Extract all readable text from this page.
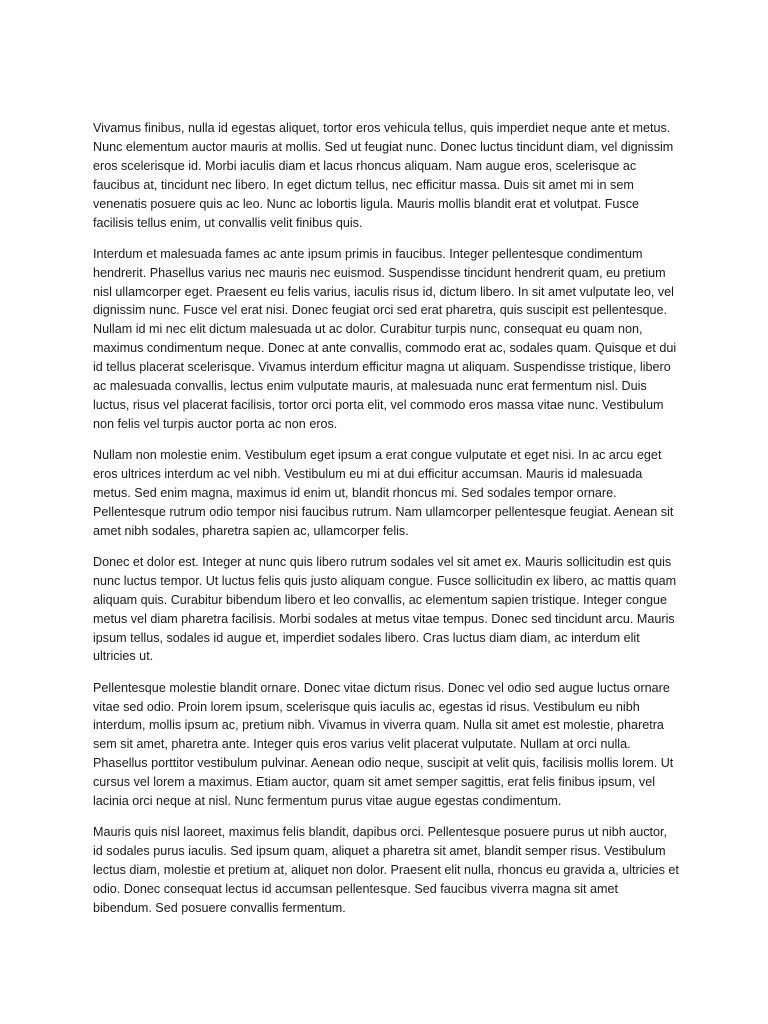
Vivamus finibus, nulla id egestas aliquet, tortor eros vehicula tellus, quis imperdiet neque ante et metus. Nunc elementum auctor mauris at mollis. Sed ut feugiat nunc. Donec luctus tincidunt diam, vel dignissim eros scelerisque id. Morbi iaculis diam et lacus rhoncus aliquam. Nam augue eros, scelerisque ac faucibus at, tincidunt nec libero. In eget dictum tellus, nec efficitur massa. Duis sit amet mi in sem venenatis posuere quis ac leo. Nunc ac lobortis ligula. Mauris mollis blandit erat et volutpat. Fusce facilisis tellus enim, ut convallis velit finibus quis.

Interdum et malesuada fames ac ante ipsum primis in faucibus. Integer pellentesque condimentum hendrerit. Phasellus varius nec mauris nec euismod. Suspendisse tincidunt hendrerit quam, eu pretium nisl ullamcorper eget. Praesent eu felis varius, iaculis risus id, dictum libero. In sit amet vulputate leo, vel dignissim nunc. Fusce vel erat nisi. Donec feugiat orci sed erat pharetra, quis suscipit est pellentesque. Nullam id mi nec elit dictum malesuada ut ac dolor. Curabitur turpis nunc, consequat eu quam non, maximus condimentum neque. Donec at ante convallis, commodo erat ac, sodales quam. Quisque et dui id tellus placerat scelerisque. Vivamus interdum efficitur magna ut aliquam. Suspendisse tristique, libero ac malesuada convallis, lectus enim vulputate mauris, at malesuada nunc erat fermentum nisl. Duis luctus, risus vel placerat facilisis, tortor orci porta elit, vel commodo eros massa vitae nunc. Vestibulum non felis vel turpis auctor porta ac non eros.

Nullam non molestie enim. Vestibulum eget ipsum a erat congue vulputate et eget nisi. In ac arcu eget eros ultrices interdum ac vel nibh. Vestibulum eu mi at dui efficitur accumsan. Mauris id malesuada metus. Sed enim magna, maximus id enim ut, blandit rhoncus mi. Sed sodales tempor ornare. Pellentesque rutrum odio tempor nisi faucibus rutrum. Nam ullamcorper pellentesque feugiat. Aenean sit amet nibh sodales, pharetra sapien ac, ullamcorper felis.

Donec et dolor est. Integer at nunc quis libero rutrum sodales vel sit amet ex. Mauris sollicitudin est quis nunc luctus tempor. Ut luctus felis quis justo aliquam congue. Fusce sollicitudin ex libero, ac mattis quam aliquam quis. Curabitur bibendum libero et leo convallis, ac elementum sapien tristique. Integer congue metus vel diam pharetra facilisis. Morbi sodales at metus vitae tempus. Donec sed tincidunt arcu. Mauris ipsum tellus, sodales id augue et, imperdiet sodales libero. Cras luctus diam diam, ac interdum elit ultricies ut.

Pellentesque molestie blandit ornare. Donec vitae dictum risus. Donec vel odio sed augue luctus ornare vitae sed odio. Proin lorem ipsum, scelerisque quis iaculis ac, egestas id risus. Vestibulum eu nibh interdum, mollis ipsum ac, pretium nibh. Vivamus in viverra quam. Nulla sit amet est molestie, pharetra sem sit amet, pharetra ante. Integer quis eros varius velit placerat vulputate. Nullam at orci nulla. Phasellus porttitor vestibulum pulvinar. Aenean odio neque, suscipit at velit quis, facilisis mollis lorem. Ut cursus vel lorem a maximus. Etiam auctor, quam sit amet semper sagittis, erat felis finibus ipsum, vel lacinia orci neque at nisl. Nunc fermentum purus vitae augue egestas condimentum.

Mauris quis nisl laoreet, maximus felis blandit, dapibus orci. Pellentesque posuere purus ut nibh auctor, id sodales purus iaculis. Sed ipsum quam, aliquet a pharetra sit amet, blandit semper risus. Vestibulum lectus diam, molestie et pretium at, aliquet non dolor. Praesent elit nulla, rhoncus eu gravida a, ultricies et odio. Donec consequat lectus id accumsan pellentesque. Sed faucibus viverra magna sit amet bibendum. Sed posuere convallis fermentum.
